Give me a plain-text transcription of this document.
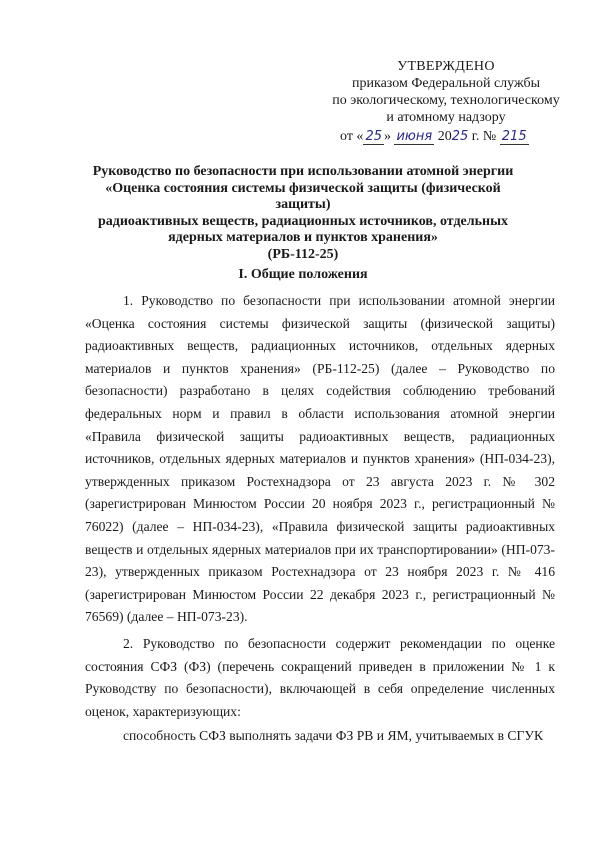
УТВЕРЖДЕНО
приказом Федеральной службы
по экологическому, технологическому
и атомному надзору
от « 25 » июня 2025 г. № 215
Руководство по безопасности при использовании атомной энергии
«Оценка состояния системы физической защиты (физической защиты)
радиоактивных веществ, радиационных источников, отдельных
ядерных материалов и пунктов хранения»
(РБ-112-25)
I. Общие положения

1. Руководство по безопасности при использовании атомной энергии «Оценка состояния системы физической защиты (физической защиты) радиоактивных веществ, радиационных источников, отдельных ядерных материалов и пунктов хранения» (РБ-112-25) (далее – Руководство по безопасности) разработано в целях содействия соблюдению требований федеральных норм и правил в области использования атомной энергии «Правила физической защиты радиоактивных веществ, радиационных источников, отдельных ядерных материалов и пунктов хранения» (НП-034-23), утвержденных приказом Ростехнадзора от 23 августа 2023 г. № 302 (зарегистрирован Минюстом России 20 ноября 2023 г., регистрационный № 76022) (далее – НП-034-23), «Правила физической защиты радиоактивных веществ и отдельных ядерных материалов при их транспортировании» (НП-073-23), утвержденных приказом Ростехнадзора от 23 ноября 2023 г. № 416 (зарегистрирован Минюстом России 22 декабря 2023 г., регистрационный № 76569) (далее – НП-073-23).

2. Руководство по безопасности содержит рекомендации по оценке состояния СФЗ (ФЗ) (перечень сокращений приведен в приложении № 1 к Руководству по безопасности), включающей в себя определение численных оценок, характеризующих:

способность СФЗ выполнять задачи ФЗ РВ и ЯМ, учитываемых в СГУК
